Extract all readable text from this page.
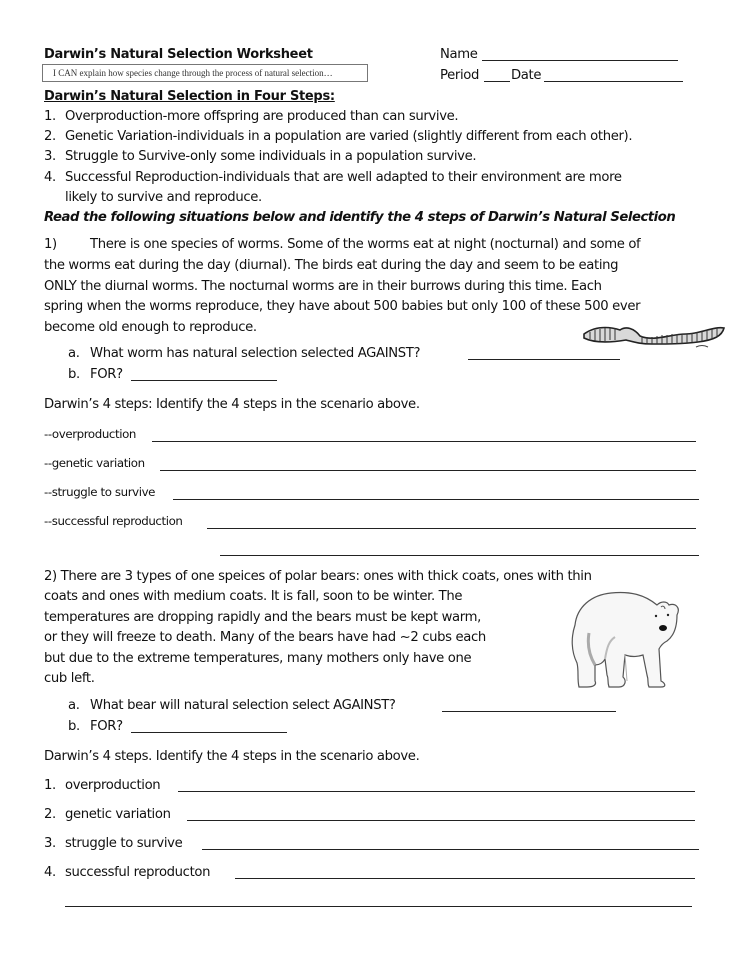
Darwin’s Natural Selection Worksheet
I CAN explain how species change through the process of natural selection…
Name
Period Date
Darwin’s Natural Selection in Four Steps:
1. Overproduction-more offspring are produced than can survive.
2. Genetic Variation-individuals in a population are varied (slightly different from each other).
3. Struggle to Survive-only some individuals in a population survive.
4. Successful Reproduction-individuals that are well adapted to their environment are more
likely to survive and reproduce.
Read the following situations below and identify the 4 steps of Darwin’s Natural Selection
1)	There is one species of worms. Some of the worms eat at night (nocturnal) and some of
the worms eat during the day (diurnal). The birds eat during the day and seem to be eating
ONLY the diurnal worms. The nocturnal worms are in their burrows during this time. Each
spring when the worms reproduce, they have about 500 babies but only 100 of these 500 ever
become old enough to reproduce.
a. What worm has natural selection selected AGAINST?
b. FOR?
Darwin’s 4 steps: Identify the 4 steps in the scenario above.
--overproduction
--genetic variation
--struggle to survive
--successful reproduction
2) There are 3 types of one speices of polar bears: ones with thick coats, ones with thin
coats and ones with medium coats. It is fall, soon to be winter. The
temperatures are dropping rapidly and the bears must be kept warm,
or they will freeze to death. Many of the bears have had ~2 cubs each
but due to the extreme temperatures, many mothers only have one
cub left.
a. What bear will natural selection select AGAINST?
b. FOR?
Darwin’s 4 steps. Identify the 4 steps in the scenario above.
1. overproduction
2. genetic variation
3. struggle to survive
4. successful reproducton
